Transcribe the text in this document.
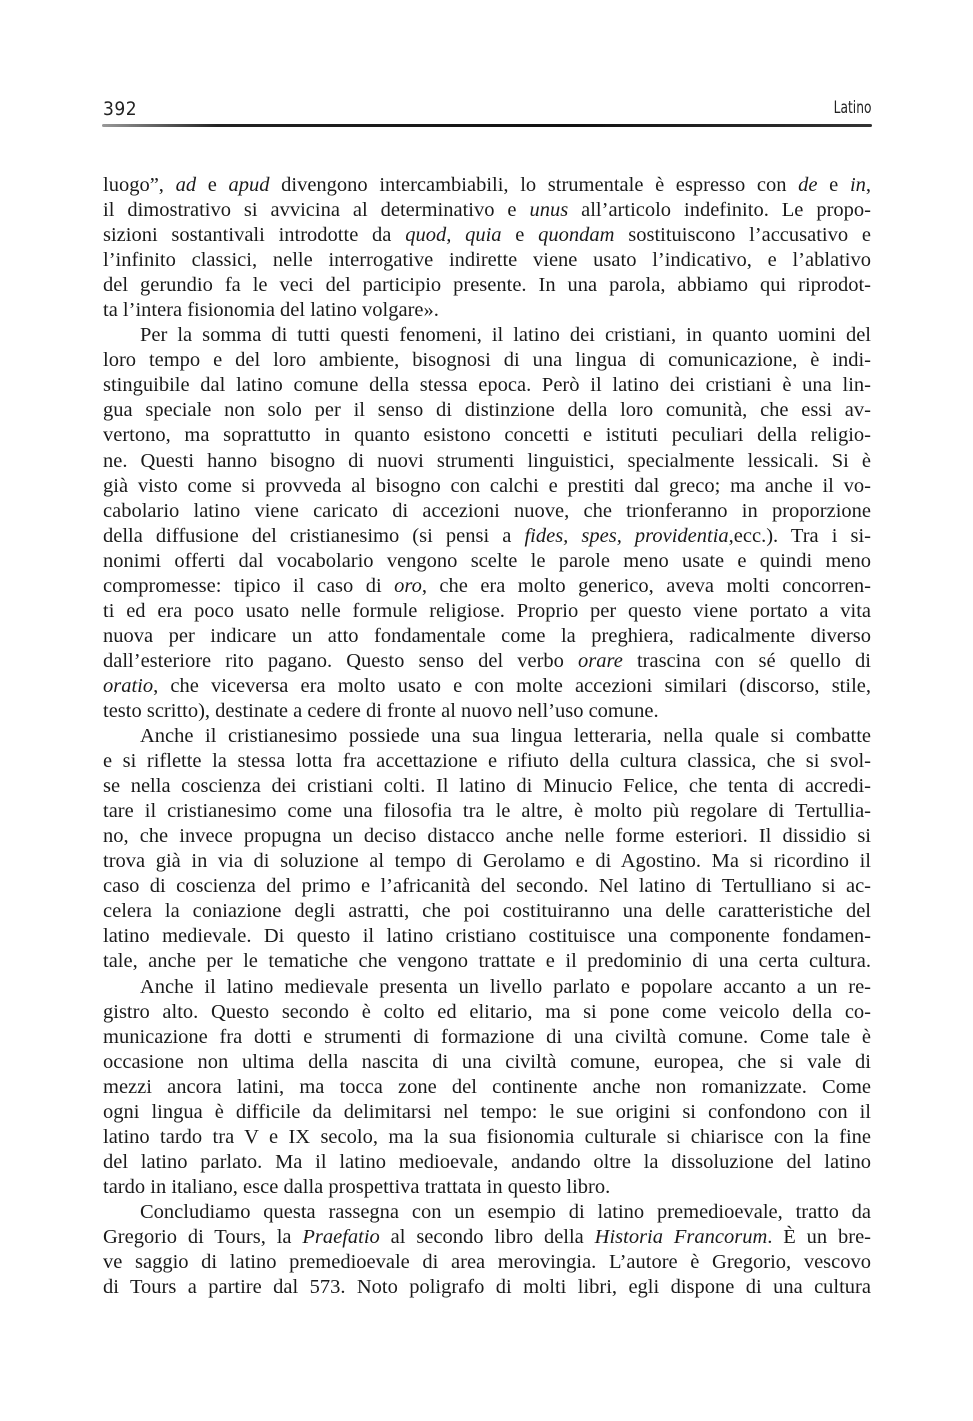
392	Latino
luogo”, ad e apud divengono intercambiabili, lo strumentale è espresso con de e in,
il dimostrativo si avvicina al determinativo e unus all’articolo indefinito. Le propo-
sizioni sostantivali introdotte da quod, quia e quondam sostituiscono l’accusativo e
l’infinito classici, nelle interrogative indirette viene usato l’indicativo, e l’ablativo
del gerundio fa le veci del participio presente. In una parola, abbiamo qui riprodot-
ta l’intera fisionomia del latino volgare».
Per la somma di tutti questi fenomeni, il latino dei cristiani, in quanto uomini del
loro tempo e del loro ambiente, bisognosi di una lingua di comunicazione, è indi-
stinguibile dal latino comune della stessa epoca. Però il latino dei cristiani è una lin-
gua speciale non solo per il senso di distinzione della loro comunità, che essi av-
vertono, ma soprattutto in quanto esistono concetti e istituti peculiari della religio-
ne. Questi hanno bisogno di nuovi strumenti linguistici, specialmente lessicali. Si è
già visto come si provveda al bisogno con calchi e prestiti dal greco; ma anche il vo-
cabolario latino viene caricato di accezioni nuove, che trionferanno in proporzione
della diffusione del cristianesimo (si pensi a fides, spes, providentia,ecc.). Tra i si-
nonimi offerti dal vocabolario vengono scelte le parole meno usate e quindi meno
compromesse: tipico il caso di oro, che era molto generico, aveva molti concorren-
ti ed era poco usato nelle formule religiose. Proprio per questo viene portato a vita
nuova per indicare un atto fondamentale come la preghiera, radicalmente diverso
dall’esteriore rito pagano. Questo senso del verbo orare trascina con sé quello di
oratio, che viceversa era molto usato e con molte accezioni similari (discorso, stile,
testo scritto), destinate a cedere di fronte al nuovo nell’uso comune.
Anche il cristianesimo possiede una sua lingua letteraria, nella quale si combatte
e si riflette la stessa lotta fra accettazione e rifiuto della cultura classica, che si svol-
se nella coscienza dei cristiani colti. Il latino di Minucio Felice, che tenta di accredi-
tare il cristianesimo come una filosofia tra le altre, è molto più regolare di Tertullia-
no, che invece propugna un deciso distacco anche nelle forme esteriori. Il dissidio si
trova già in via di soluzione al tempo di Gerolamo e di Agostino. Ma si ricordino il
caso di coscienza del primo e l’africanità del secondo. Nel latino di Tertulliano si ac-
celera la coniazione degli astratti, che poi costituiranno una delle caratteristiche del
latino medievale. Di questo il latino cristiano costituisce una componente fondamen-
tale, anche per le tematiche che vengono trattate e il predominio di una certa cultura.
Anche il latino medievale presenta un livello parlato e popolare accanto a un re-
gistro alto. Questo secondo è colto ed elitario, ma si pone come veicolo della co-
municazione fra dotti e strumenti di formazione di una civiltà comune. Come tale è
occasione non ultima della nascita di una civiltà comune, europea, che si vale di
mezzi ancora latini, ma tocca zone del continente anche non romanizzate. Come
ogni lingua è difficile da delimitarsi nel tempo: le sue origini si confondono con il
latino tardo tra V e IX secolo, ma la sua fisionomia culturale si chiarisce con la fine
del latino parlato. Ma il latino medioevale, andando oltre la dissoluzione del latino
tardo in italiano, esce dalla prospettiva trattata in questo libro.
Concludiamo questa rassegna con un esempio di latino premedioevale, tratto da
Gregorio di Tours, la Praefatio al secondo libro della Historia Francorum. È un bre-
ve saggio di latino premedioevale di area merovingia. L’autore è Gregorio, vescovo
di Tours a partire dal 573. Noto poligrafo di molti libri, egli dispone di una cultura
